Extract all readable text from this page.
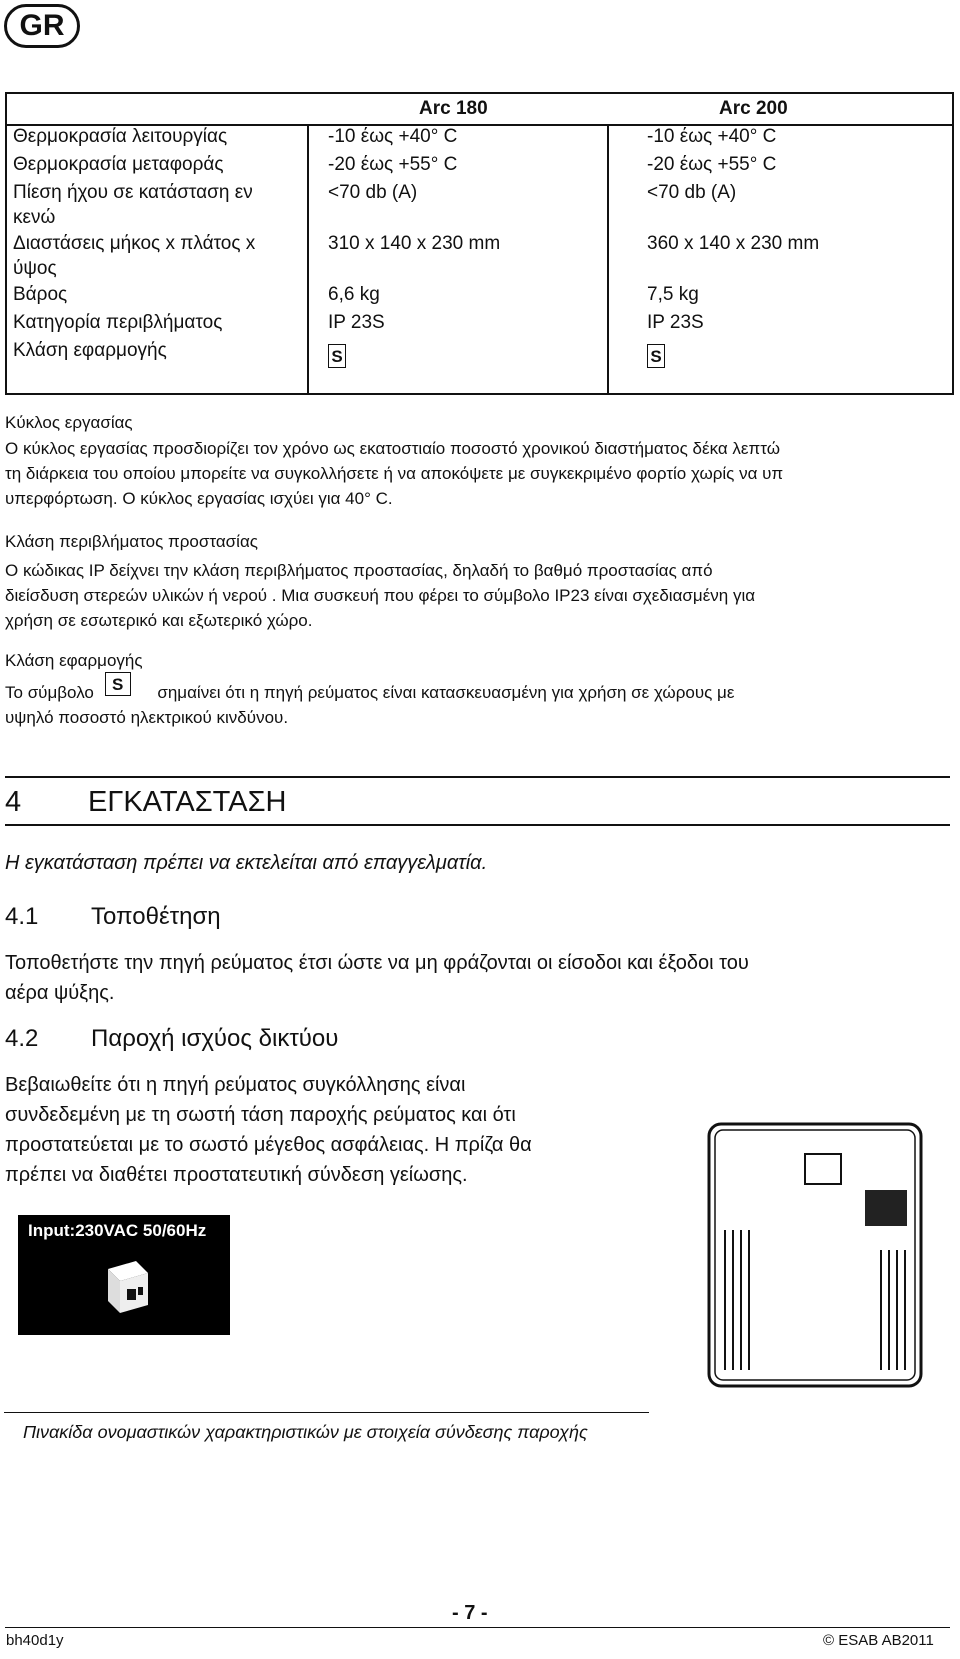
GR
Arc 180	Arc 200
Θερμοκρασία λειτουργίας	-10 έως +40° C	-10 έως +40° C
Θερμοκρασία μεταφοράς	-20 έως +55° C	-20 έως +55° C
Πίεση ήχου σε κατάσταση εν
κενώ
<70 db (A)	<70 db (A)
Διαστάσεις μήκος x πλάτος x
ύψος
310 x 140 x 230 mm	360 x 140 x 230 mm
Βάρος	6,6 kg	7,5 kg
Κατηγορία περιβλήματος	IP 23S	IP 23S
Κλάση εφαρμογής	S	S
Κύκλος εργασίας
Ο κύκλος εργασίας προσδιορίζει τον χρόνο ως εκατοστιαίο ποσοστό χρονικού διαστήματος δέκα λεπτώ
τη διάρκεια του οποίου μπορείτε να συγκολλήσετε ή να αποκόψετε με συγκεκριμένο φορτίο χωρίς να υπ
υπερφόρτωση. Ο κύκλος εργασίας ισχύει για 40° C.
Κλάση περιβλήματος προστασίας
Ο κώδικας IP δείχνει την κλάση περιβλήματος προστασίας, δηλαδή το βαθμό προστασίας από
διείσδυση στερεών υλικών ή νερού . Μια συσκευή που φέρει το σύμβολο IP23 είναι σχεδιασμένη για
χρήση σε εσωτερικό και εξωτερικό χώρο.
Κλάση εφαρμογής
Το σύμβολο S σημαίνει ότι η πηγή ρεύματος είναι κατασκευασμένη για χρήση σε χώρους με
υψηλό ποσοστό ηλεκτρικού κινδύνου.
4 ΕΓΚΑΤΑΣΤΑΣΗ
Η εγκατάσταση πρέπει να εκτελείται από επαγγελματία.
4.1 Τοποθέτηση
Τοποθετήστε την πηγή ρεύματος έτσι ώστε να μη φράζονται οι είσοδοι και έξοδοι του
αέρα ψύξης.
4.2 Παροχή ισχύος δικτύου
Βεβαιωθείτε ότι η πηγή ρεύματος συγκόλλησης είναι
συνδεδεμένη με τη σωστή τάση παροχής ρεύματος και ότι
προστατεύεται με το σωστό μέγεθος ασφάλειας. Η πρίζα θα
πρέπει να διαθέτει προστατευτική σύνδεση γείωσης.
Input:230VAC 50/60Hz
Πινακίδα ονομαστικών χαρακτηριστικών με στοιχεία σύνδεσης παροχής
- 7 -
bh40d1y	© ESAB AB2011
